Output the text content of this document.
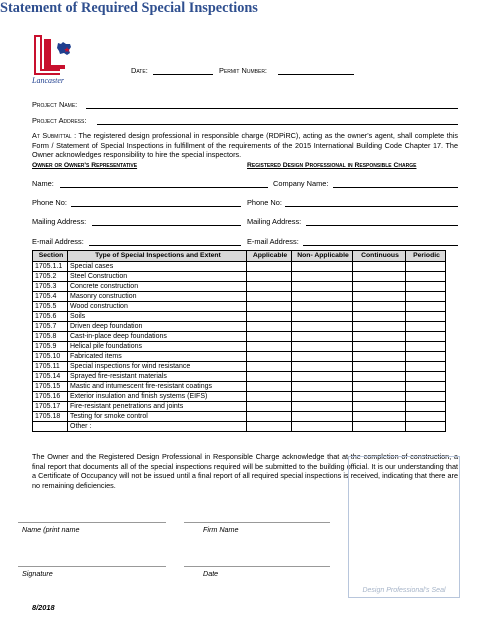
Lancaster
Statement of Required Special Inspections
Date:	Permit Number:
Project Name:
Project Address:
At Submittal : The registered design professional in responsible charge (RDPiRC), acting as the owner's agent, shall complete this Form / Statement of Special Inspections in fulfillment of the requirements of the 2015 International Building Code Chapter 17. The Owner acknowledges responsibility to hire the special inspectors.
Owner or Owner's Representative	Registered Design Professional in Responsible Charge
Name:	Company Name:
Phone No:	Phone No:
Mailing Address:	Mailing Address:
E-mail Address:	E-mail Address:
Section	Type of Special Inspections and Extent	Applicable	Non- Applicable	Continuous	Periodic
1705.1.1	Special cases				
1705.2	Steel Construction				
1705.3	Concrete construction				
1705.4	Masonry construction				
1705.5	Wood construction				
1705.6	Soils				
1705.7	Driven deep foundation				
1705.8	Cast-in-place deep foundations				
1705.9	Helical pile foundations				
1705.10	Fabricated items				
1705.11	Special inspections for wind resistance				
1705.14	Sprayed fire-resistant materials				
1705.15	Mastic and intumescent fire-resistant coatings				
1705.16	Exterior insulation and finish systems (EIFS)				
1705.17	Fire-resistant penetrations and joints				
1705.18	Testing for smoke control				
	Other :				
The Owner and the Registered Design Professional in Responsible Charge acknowledge that at the completion of construction, a final report that documents all of the special inspections required will be submitted to the building official. It is our understanding that a Certificate of Occupancy will not be issued until a final report of all required special inspections is received, indicating that there are no remaining deficiencies.
Name (print name	Firm Name
Signature	Date
Design Professional's Seal
8/2018
